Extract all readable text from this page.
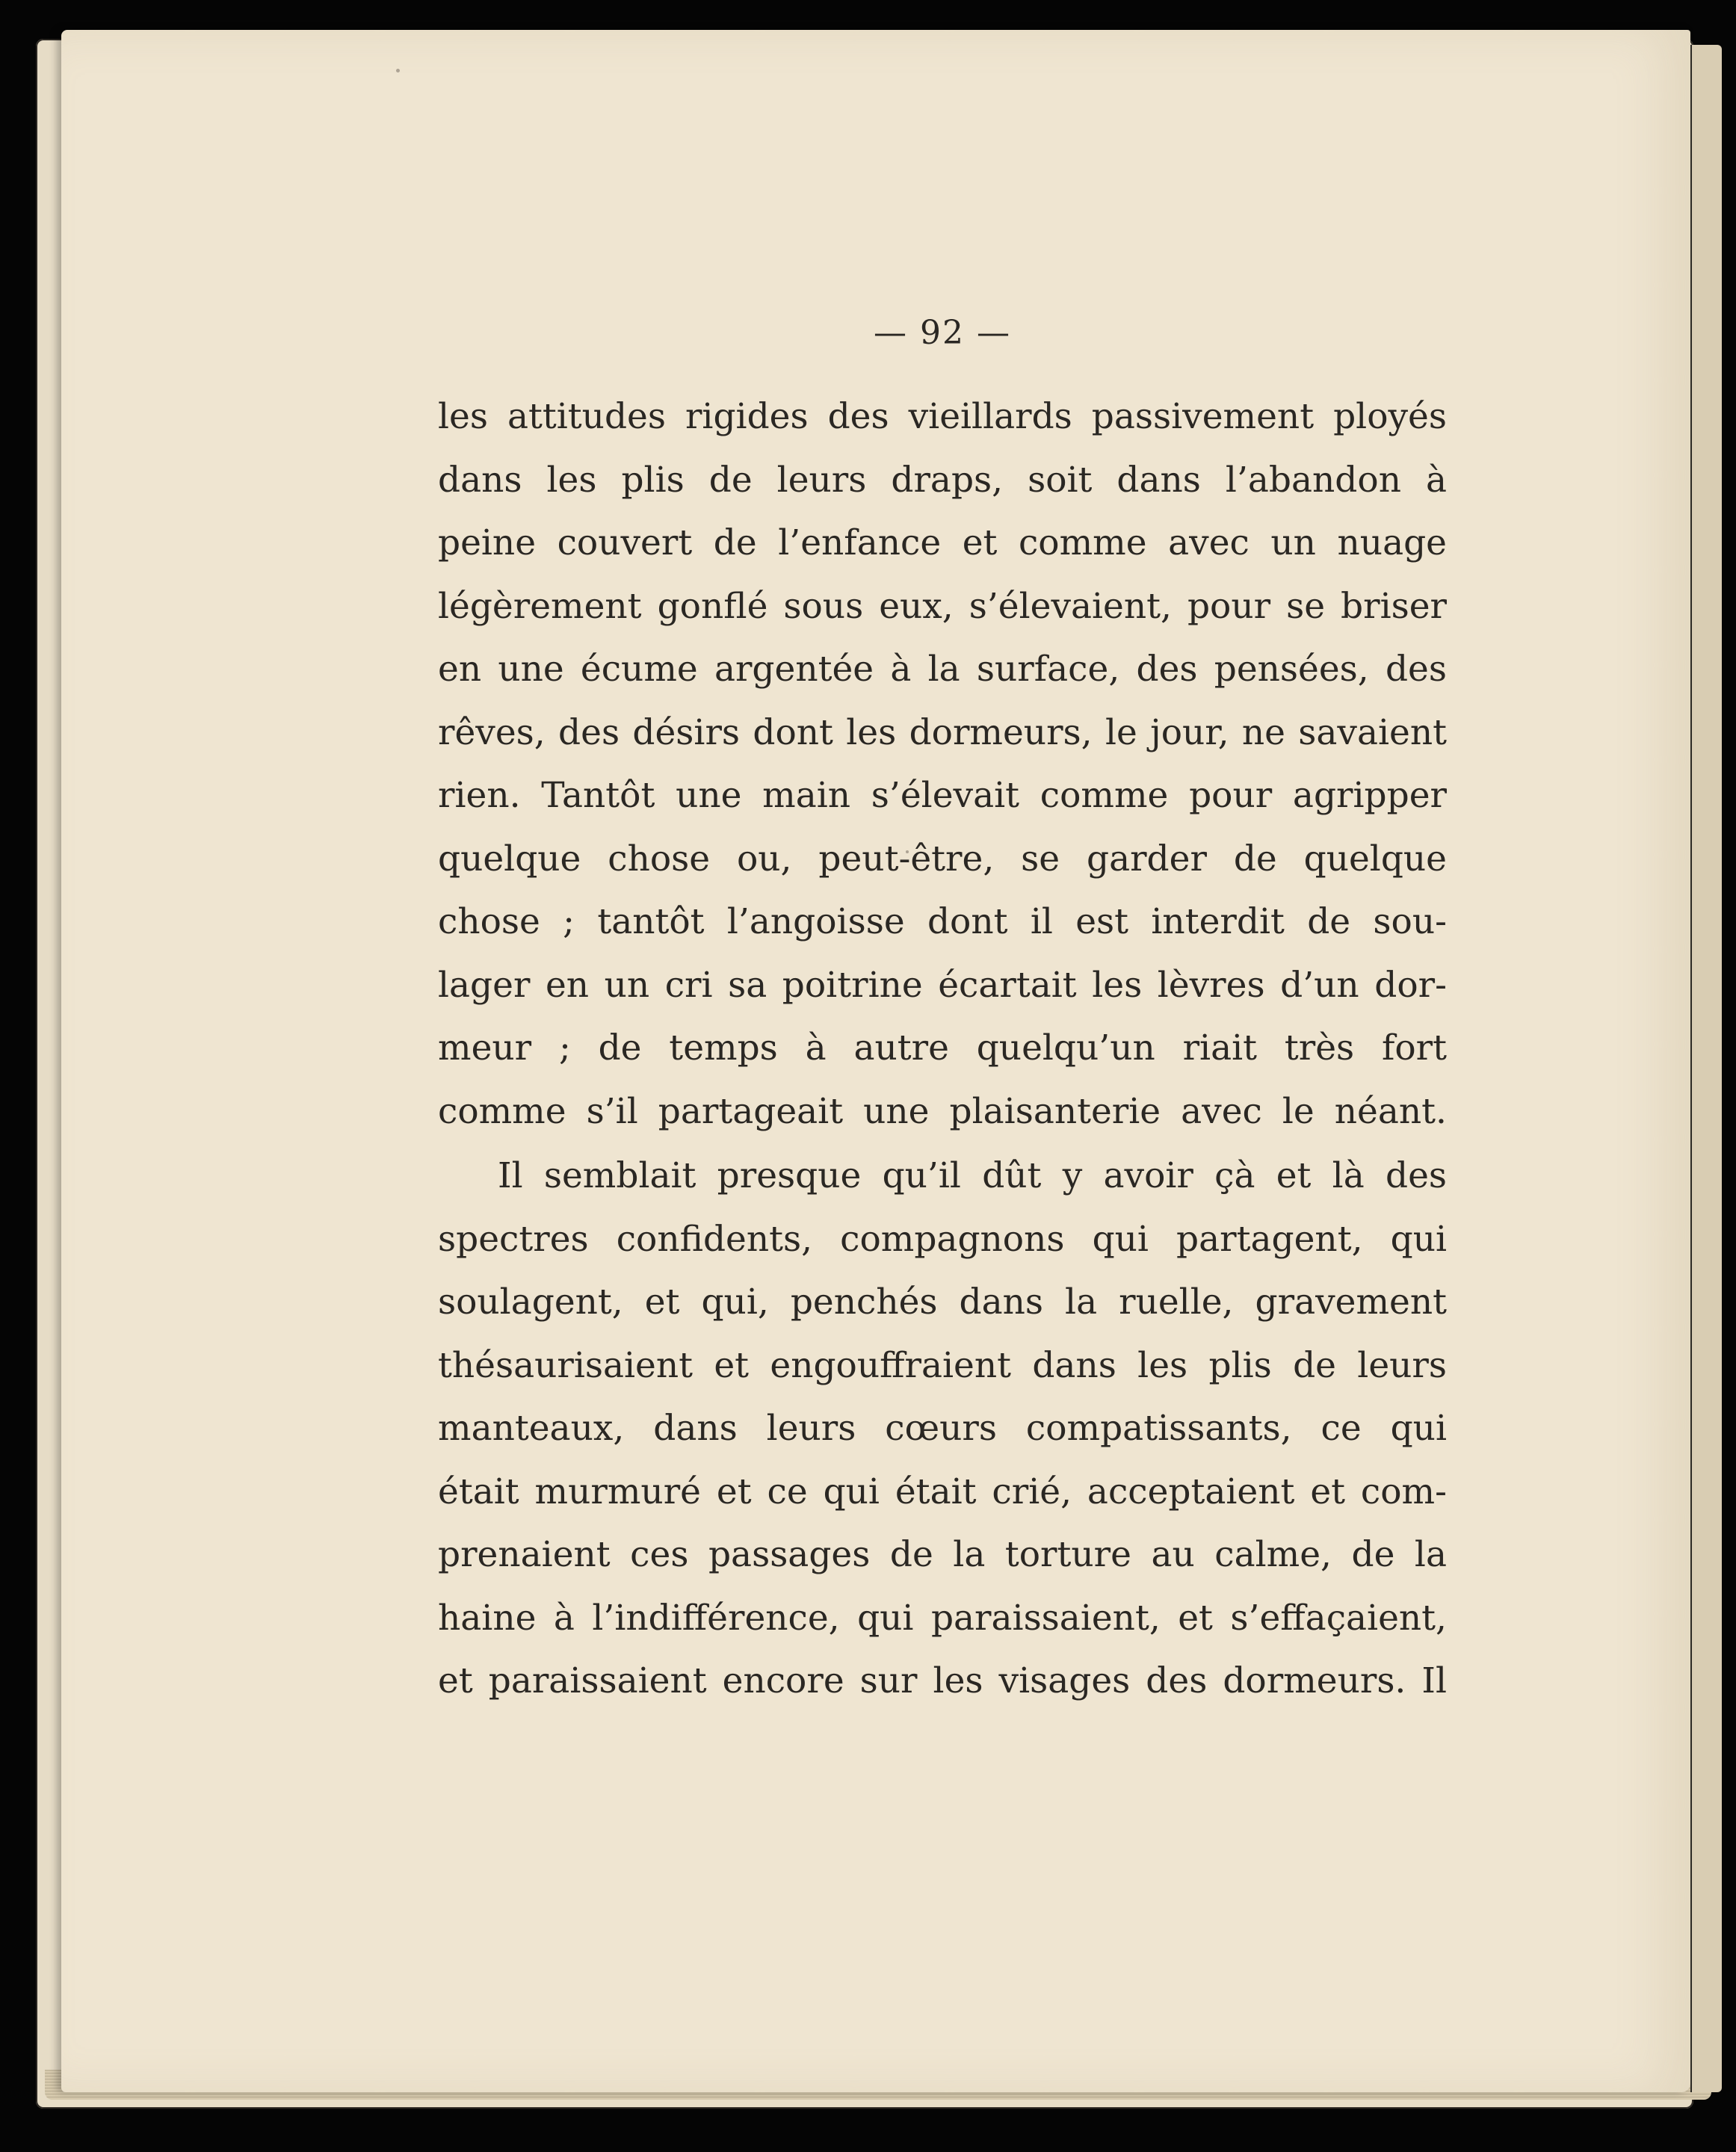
— 92 —

les attitudes rigides des vieillards passivement ployés
dans les plis de leurs draps, soit dans l’abandon à
peine couvert de l’enfance et comme avec un nuage
légèrement gonflé sous eux, s’élevaient, pour se briser
en une écume argentée à la surface, des pensées, des
rêves, des désirs dont les dormeurs, le jour, ne savaient
rien. Tantôt une main s’élevait comme pour agripper
quelque chose ou, peut-être, se garder de quelque
chose ; tantôt l’angoisse dont il est interdit de sou-
lager en un cri sa poitrine écartait les lèvres d’un dor-
meur ; de temps à autre quelqu’un riait très fort
comme s’il partageait une plaisanterie avec le néant.

Il semblait presque qu’il dût y avoir çà et là des
spectres confidents, compagnons qui partagent, qui
soulagent, et qui, penchés dans la ruelle, gravement
thésaurisaient et engouffraient dans les plis de leurs
manteaux, dans leurs cœurs compatissants, ce qui
était murmuré et ce qui était crié, acceptaient et com-
prenaient ces passages de la torture au calme, de la
haine à l’indifférence, qui paraissaient, et s’effaçaient,
et paraissaient encore sur les visages des dormeurs. Il
